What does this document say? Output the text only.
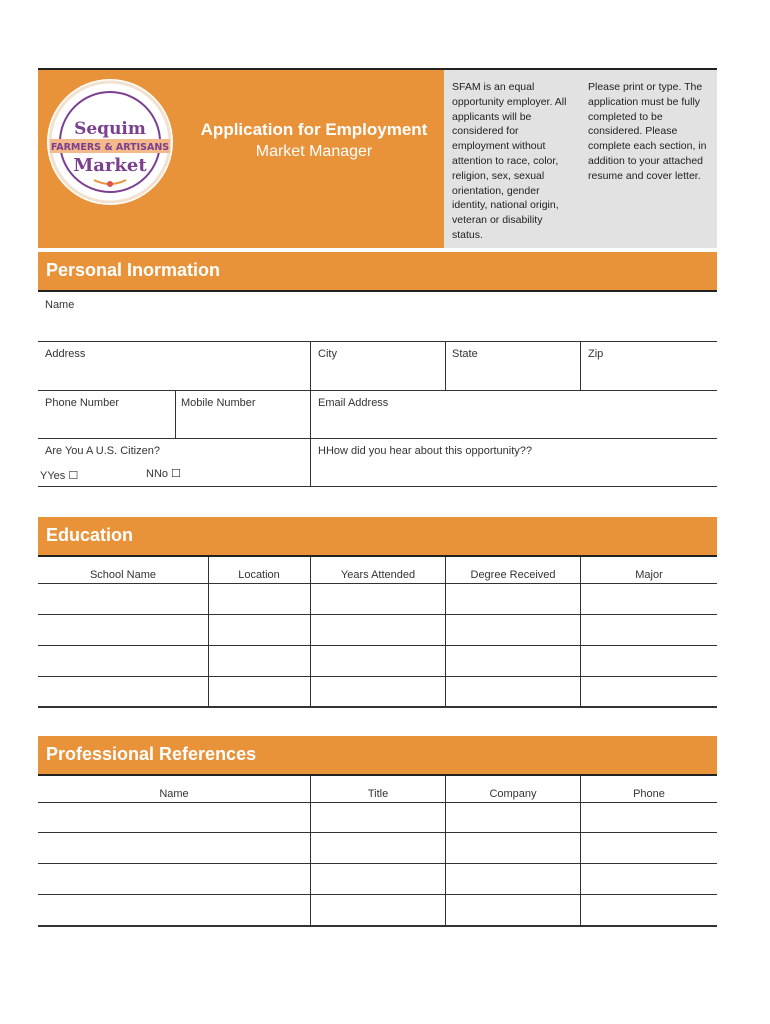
Sequim
FARMERS & ARTISANS
Market
Application for Employment
Market Manager
SFAM is an equal opportunity employer. All applicants will be considered for employment without attention to race, color, religion, sex, sexual orientation, gender identity, national origin, veteran or disability status.
Please print or type. The application must be fully completed to be considered. Please complete each section, in addition to your attached resume and cover letter.
Personal Inormation
Name
Address	City	State	Zip
Phone Number	Mobile Number	Email Address
Are You A U.S. Citizen?
YYes ☐	NNo ☐
HHow did you hear about this opportunity??
Education
School Name	Location	Years Attended	Degree Received	Major
Professional References
Name	Title	Company	Phone
